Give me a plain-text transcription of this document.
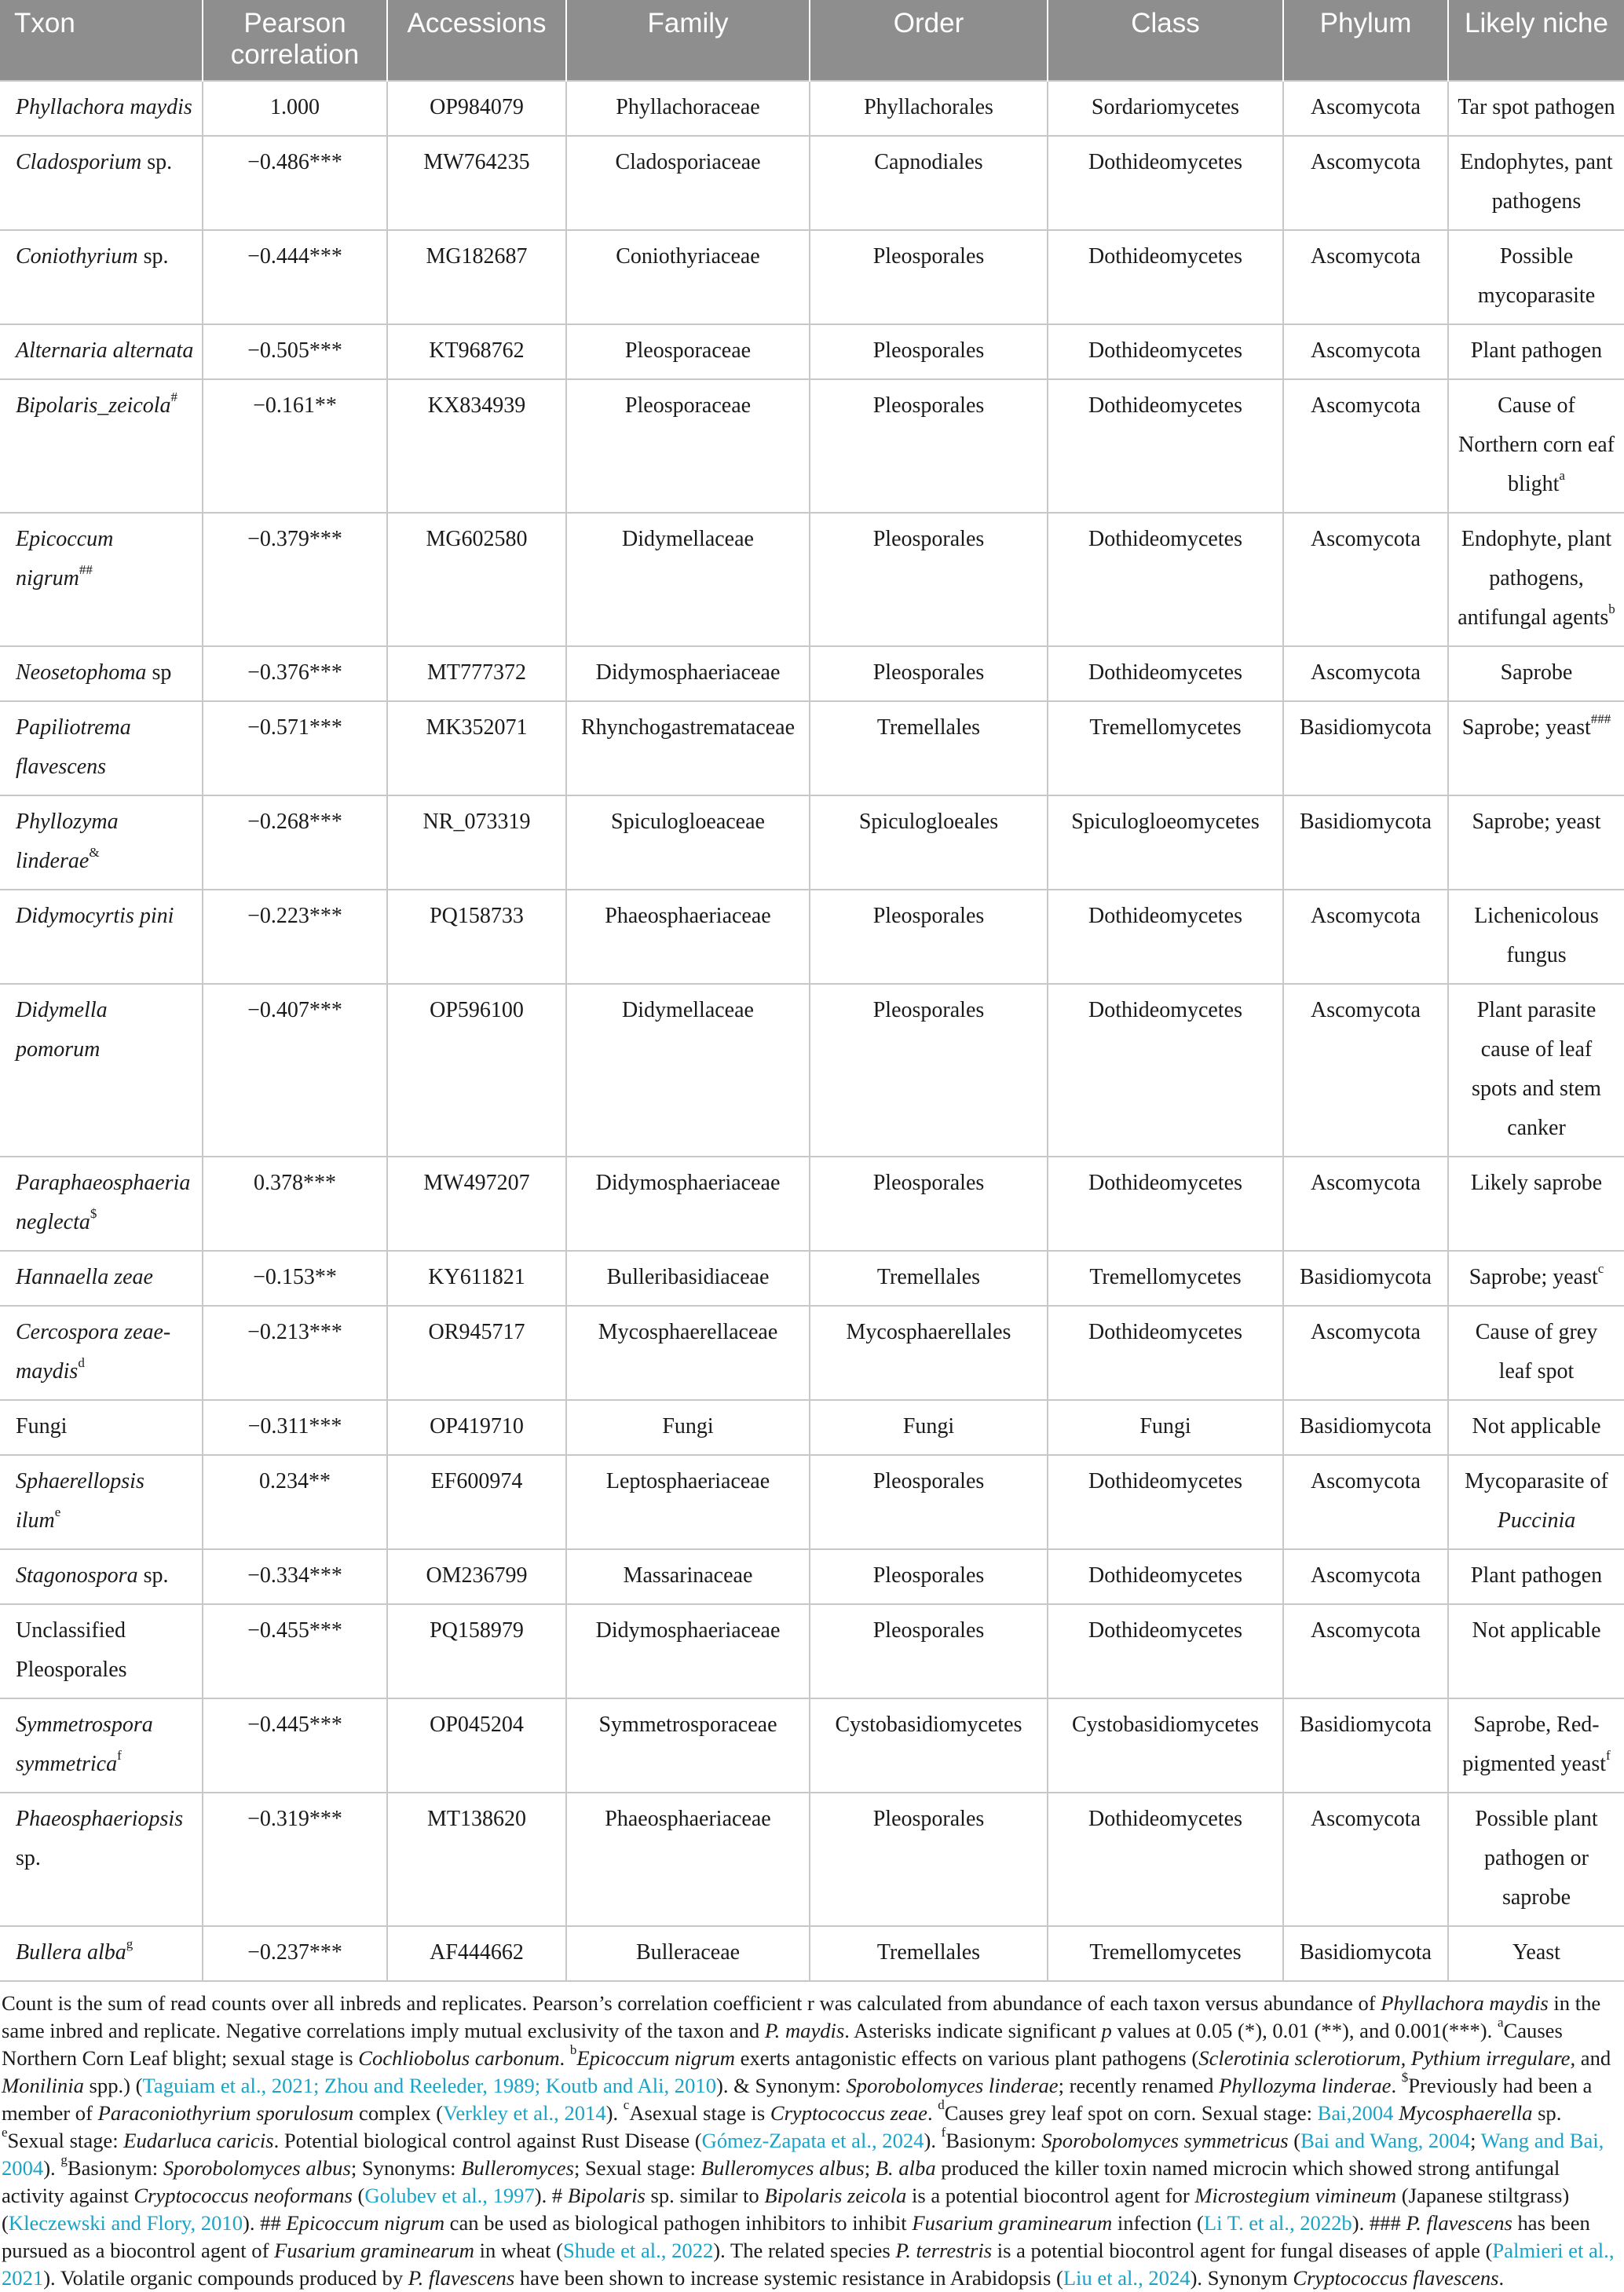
Txon	Pearson correlation	Accessions	Family	Order	Class	Phylum	Likely niche
Phyllachora maydis	1.000	OP984079	Phyllachoraceae	Phyllachorales	Sordariomycetes	Ascomycota	Tar spot pathogen
Cladosporium sp.	−0.486***	MW764235	Cladosporiaceae	Capnodiales	Dothideomycetes	Ascomycota	Endophytes, pant pathogens
Coniothyrium sp.	−0.444***	MG182687	Coniothyriaceae	Pleosporales	Dothideomycetes	Ascomycota	Possible mycoparasite
Alternaria alternata	−0.505***	KT968762	Pleosporaceae	Pleosporales	Dothideomycetes	Ascomycota	Plant pathogen
Bipolaris_zeicola#	−0.161**	KX834939	Pleosporaceae	Pleosporales	Dothideomycetes	Ascomycota	Cause of Northern corn eaf blight$^a$
Epicoccum nigrum##	−0.379***	MG602580	Didymellaceae	Pleosporales	Dothideomycetes	Ascomycota	Endophyte, plant pathogens, antifungal agents$^b$
Neosetophoma sp	−0.376***	MT777372	Didymosphaeriaceae	Pleosporales	Dothideomycetes	Ascomycota	Saprobe
Papiliotrema flavescens	−0.571***	MK352071	Rhynchogastremataceae	Tremellales	Tremellomycetes	Basidiomycota	Saprobe; yeast###
Phyllozyma linderae&	−0.268***	NR_073319	Spiculogloeaceae	Spiculogloeales	Spiculogloeomycetes	Basidiomycota	Saprobe; yeast
Didymocyrtis pini	−0.223***	PQ158733	Phaeosphaeriaceae	Pleosporales	Dothideomycetes	Ascomycota	Lichenicolous fungus
Didymella pomorum	−0.407***	OP596100	Didymellaceae	Pleosporales	Dothideomycetes	Ascomycota	Plant parasite cause of leaf spots and stem canker
Paraphaeosphaeria neglecta$	0.378***	MW497207	Didymosphaeriaceae	Pleosporales	Dothideomycetes	Ascomycota	Likely saprobe
Hannaella zeae	−0.153**	KY611821	Bulleribasidiaceae	Tremellales	Tremellomycetes	Basidiomycota	Saprobe; yeast$^c$
Cercospora zeae-maydis$^d$	−0.213***	OR945717	Mycosphaerellaceae	Mycosphaerellales	Dothideomycetes	Ascomycota	Cause of grey leaf spot
Fungi	−0.311***	OP419710	Fungi	Fungi	Fungi	Basidiomycota	Not applicable
Sphaerellopsis ilum$^e$	0.234**	EF600974	Leptosphaeriaceae	Pleosporales	Dothideomycetes	Ascomycota	Mycoparasite of Puccinia
Stagonospora sp.	−0.334***	OM236799	Massarinaceae	Pleosporales	Dothideomycetes	Ascomycota	Plant pathogen
Unclassified Pleosporales	−0.455***	PQ158979	Didymosphaeriaceae	Pleosporales	Dothideomycetes	Ascomycota	Not applicable
Symmetrospora symmetrica$^f$	−0.445***	OP045204	Symmetrosporaceae	Cystobasidiomycetes	Cystobasidiomycetes	Basidiomycota	Saprobe, Red-pigmented yeast$^f$
Phaeosphaeriopsis sp.	−0.319***	MT138620	Phaeosphaeriaceae	Pleosporales	Dothideomycetes	Ascomycota	Possible plant pathogen or saprobe
Bullera alba$^g$	−0.237***	AF444662	Bulleraceae	Tremellales	Tremellomycetes	Basidiomycota	Yeast

Count is the sum of read counts over all inbreds and replicates. Pearson’s correlation coefficient r was calculated from abundance of each taxon versus abundance of Phyllachora maydis in the same inbred and replicate. Negative correlations imply mutual exclusivity of the taxon and P. maydis. Asterisks indicate significant p values at 0.05 (*), 0.01 (**), and 0.001(***). $^a$Causes Northern Corn Leaf blight; sexual stage is Cochliobolus carbonum. $^b$Epicoccum nigrum exerts antagonistic effects on various plant pathogens (Sclerotinia sclerotiorum, Pythium irregulare, and Monilinia spp.) (Taguiam et al., 2021; Zhou and Reeleder, 1989; Koutb and Ali, 2010). & Synonym: Sporobolomyces linderae; recently renamed Phyllozyma linderae. $Previously had been a member of Paraconiothyrium sporulosum complex (Verkley et al., 2014). $^c$Asexual stage is Cryptococcus zeae. $^d$Causes grey leaf spot on corn. Sexual stage: Bai,2004 Mycosphaerella sp. $^e$Sexual stage: Eudarluca caricis. Potential biological control against Rust Disease (Gómez-Zapata et al., 2024). $^f$Basionym: Sporobolomyces symmetricus (Bai and Wang, 2004; Wang and Bai, 2004). $^g$Basionym: Sporobolomyces albus; Synonyms: Bulleromyces; Sexual stage: Bulleromyces albus; B. alba produced the killer toxin named microcin which showed strong antifungal activity against Cryptococcus neoformans (Golubev et al., 1997). # Bipolaris sp. similar to Bipolaris zeicola is a potential biocontrol agent for Microstegium vimineum (Japanese stiltgrass) (Kleczewski and Flory, 2010). ## Epicoccum nigrum can be used as biological pathogen inhibitors to inhibit Fusarium graminearum infection (Li T. et al., 2022b). ### P. flavescens has been pursued as a biocontrol agent of Fusarium graminearum in wheat (Shude et al., 2022). The related species P. terrestris is a potential biocontrol agent for fungal diseases of apple (Palmieri et al., 2021). Volatile organic compounds produced by P. flavescens have been shown to increase systemic resistance in Arabidopsis (Liu et al., 2024). Synonym Cryptococcus flavescens.
